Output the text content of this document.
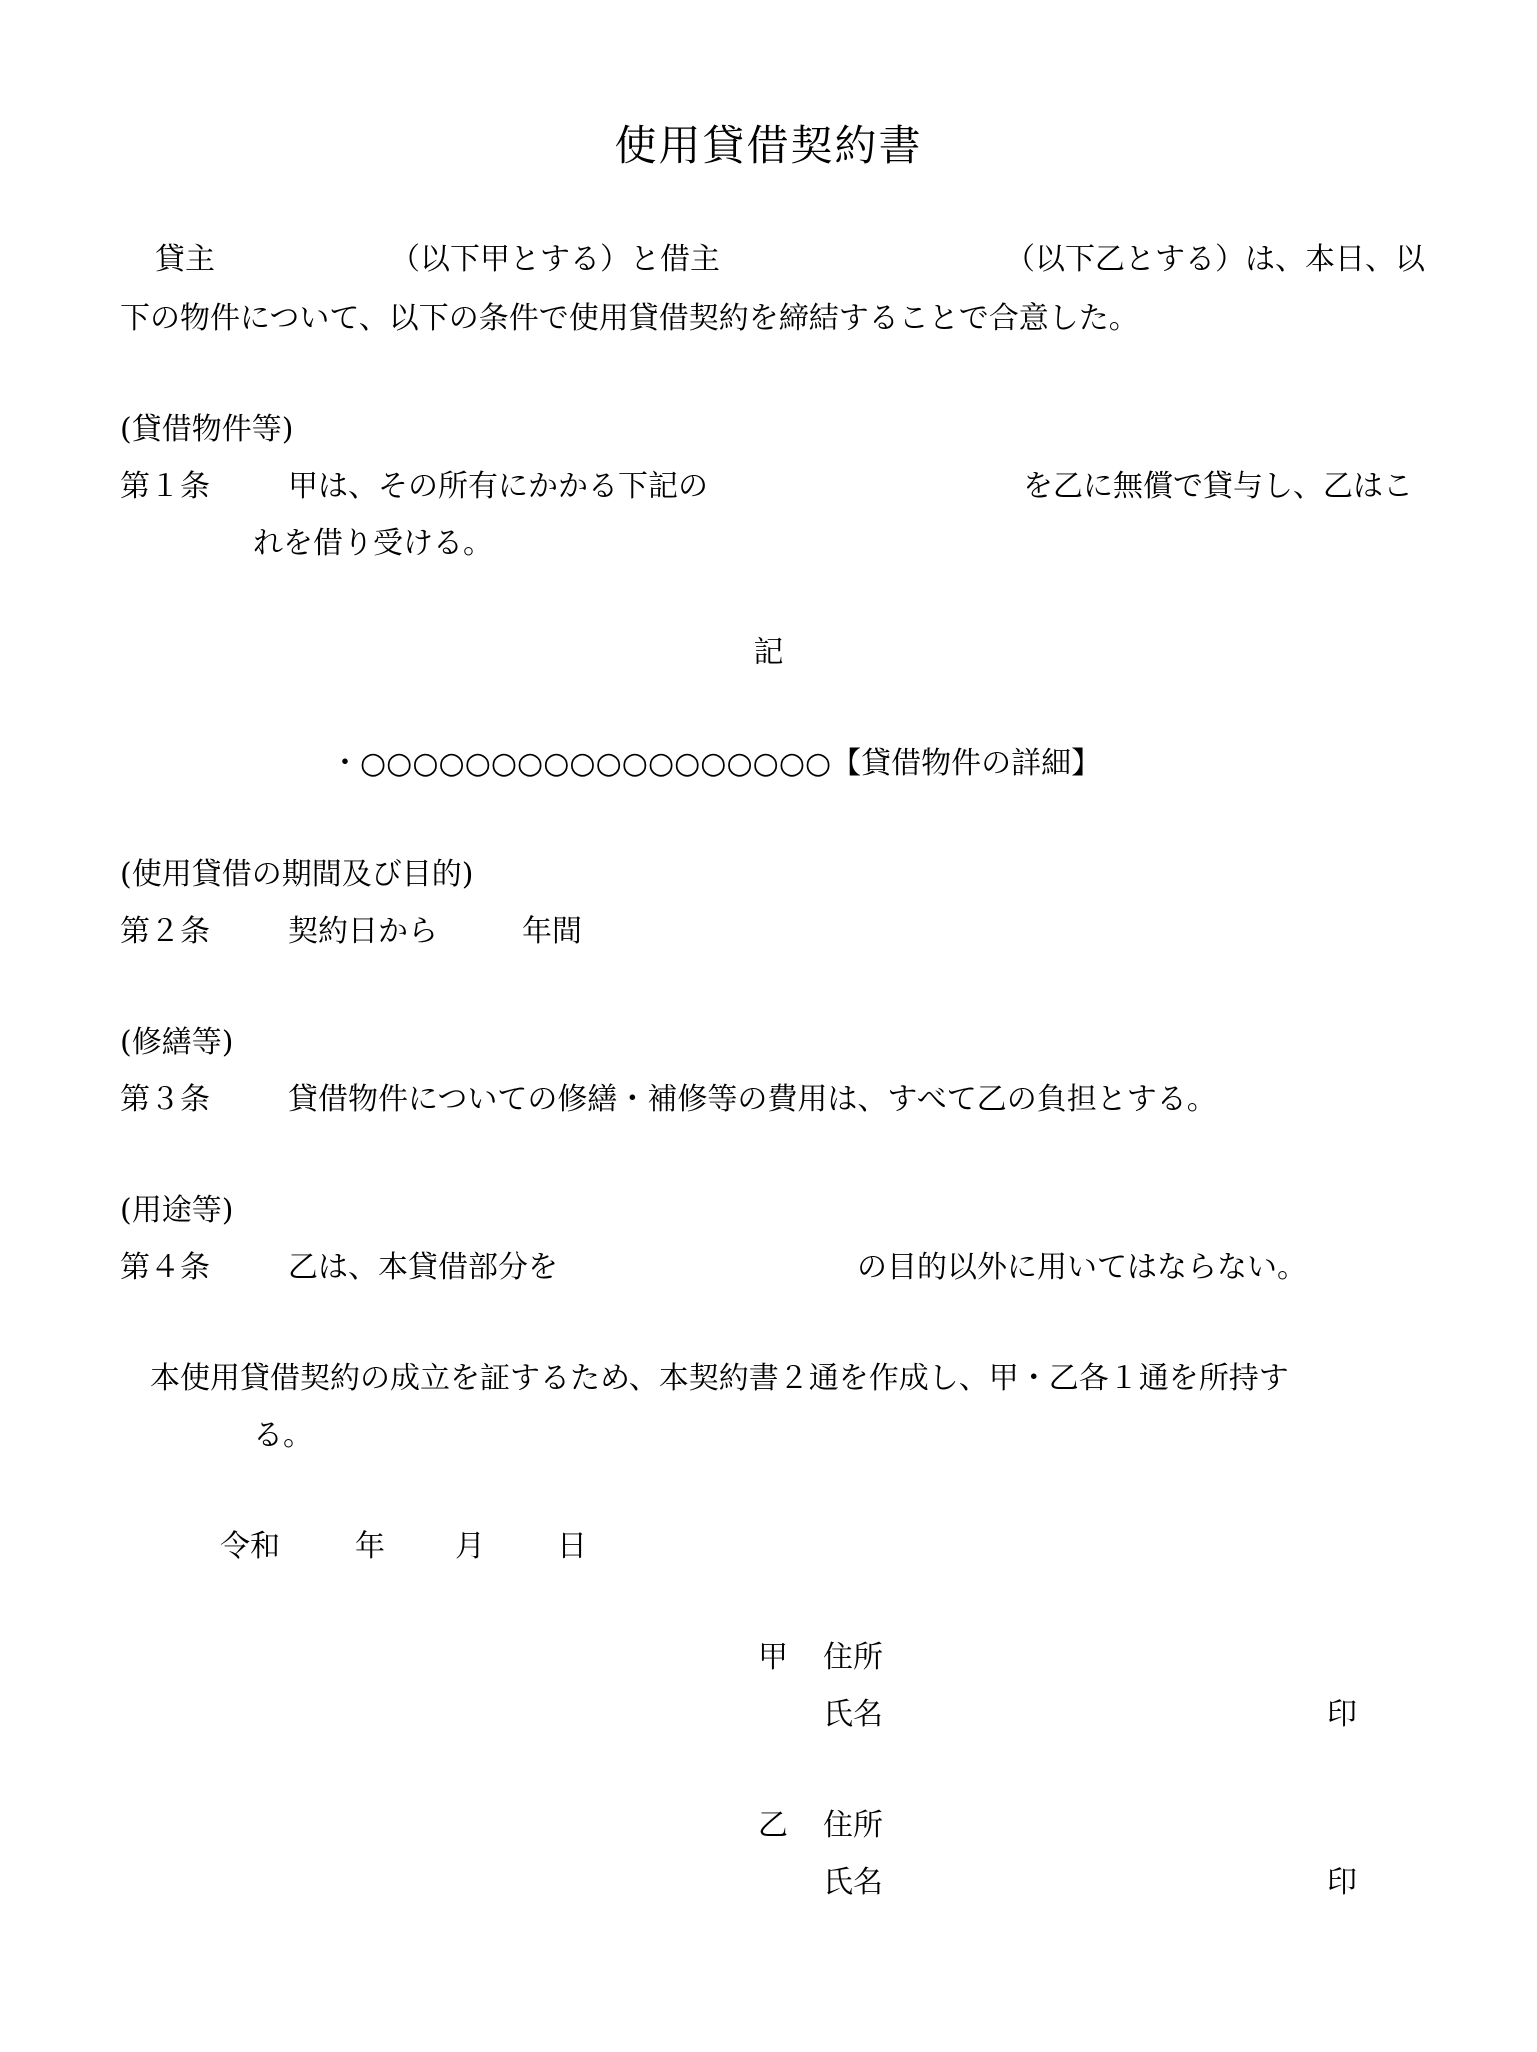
使用貸借契約書
貸主	（以下甲とする）と借主	（以下乙とする）は、本日、以
下の物件について、以下の条件で使用貸借契約を締結することで合意した。
(貸借物件等)
第１条	甲は、その所有にかかる下記の	を乙に無償で貸与し、乙はこ
れを借り受ける。
記
・○○○○○○○○○○○○○○○○○○【貸借物件の詳細】
(使用貸借の期間及び目的)
第２条	契約日から	年間
(修繕等)
第３条	貸借物件についての修繕・補修等の費用は、すべて乙の負担とする。
(用途等)
第４条	乙は、本貸借部分を	の目的以外に用いてはならない。
本使用貸借契約の成立を証するため、本契約書２通を作成し、甲・乙各１通を所持す
る。
令和	年 月 日
甲 住所
氏名	印
乙 住所
氏名	印
